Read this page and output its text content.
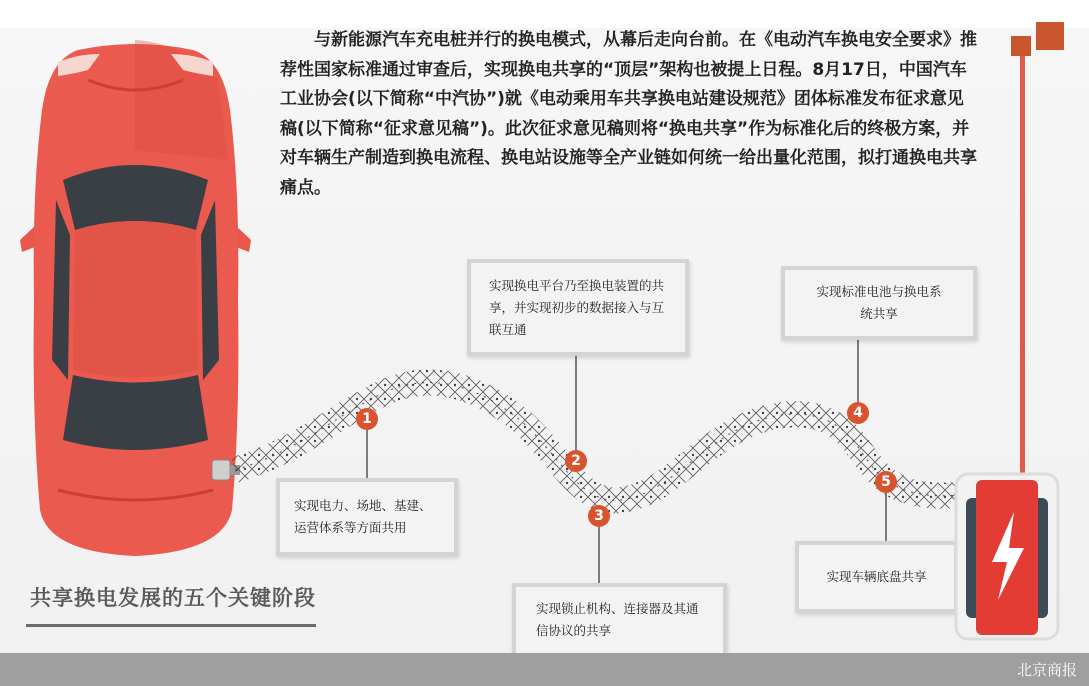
与新能源汽车充电桩并行的换电模式，从幕后走向台前。在《电动汽车换电安全要求》推荐性国家标准通过审查后，实现换电共享的“顶层”架构也被提上日程。8月17日，中国汽车工业协会(以下简称“中汽协”)就《电动乘用车共享换电站建设规范》团体标准发布征求意见稿(以下简称“征求意见稿”)。此次征求意见稿则将“换电共享”作为标准化后的终极方案，并对车辆生产制造到换电流程、换电站设施等全产业链如何统一给出量化范围，拟打通换电共享痛点。

1
2
3
4
5
实现电力、场地、基建、运营体系等方面共用
实现换电平台乃至换电装置的共享，并实现初步的数据接入与互联互通
实现锁止机构、连接器及其通信协议的共享
实现标准电池与换电系统共享
实现车辆底盘共享
共享换电发展的五个关键阶段
北京商报
